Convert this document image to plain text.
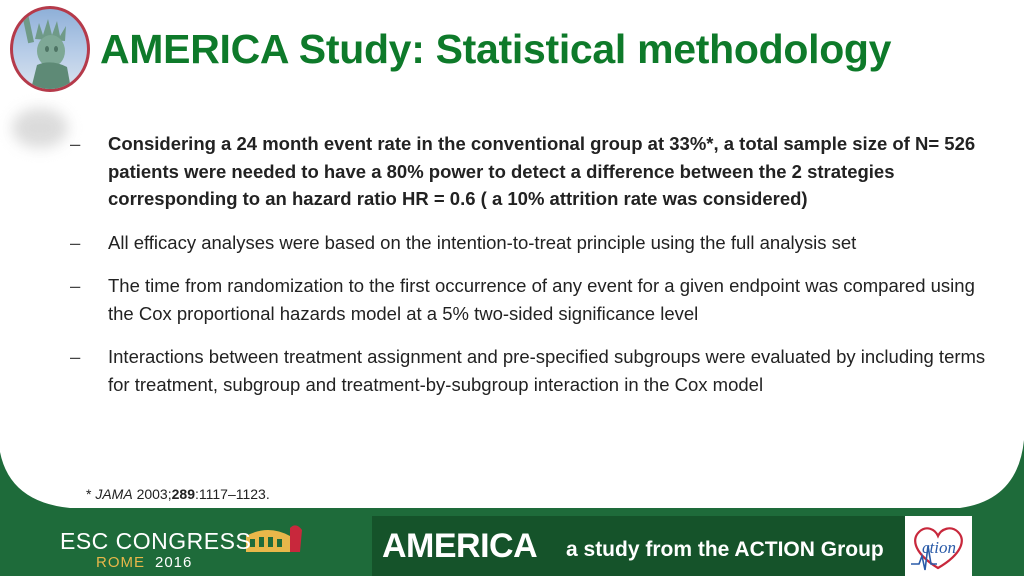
AMERICA Study: Statistical methodology
– Considering a 24 month event rate in the conventional group at 33%*, a total sample size of N= 526 patients were needed to have a 80% power to detect a difference between the 2 strategies corresponding to an hazard ratio HR = 0.6 ( a 10% attrition rate was considered)
– All efficacy analyses were based on the intention-to-treat principle using the full analysis set
– The time from randomization to the first occurrence of any event for a given endpoint was compared using the Cox proportional hazards model at a 5% two-sided significance level
– Interactions between treatment assignment and pre-specified subgroups were evaluated by including terms for treatment, subgroup and treatment-by-subgroup interaction in the Cox model
* JAMA 2003;289:1117–1123.
ESC CONGRESS
ROME 2016	AMERICA a study from the ACTION Group ction
